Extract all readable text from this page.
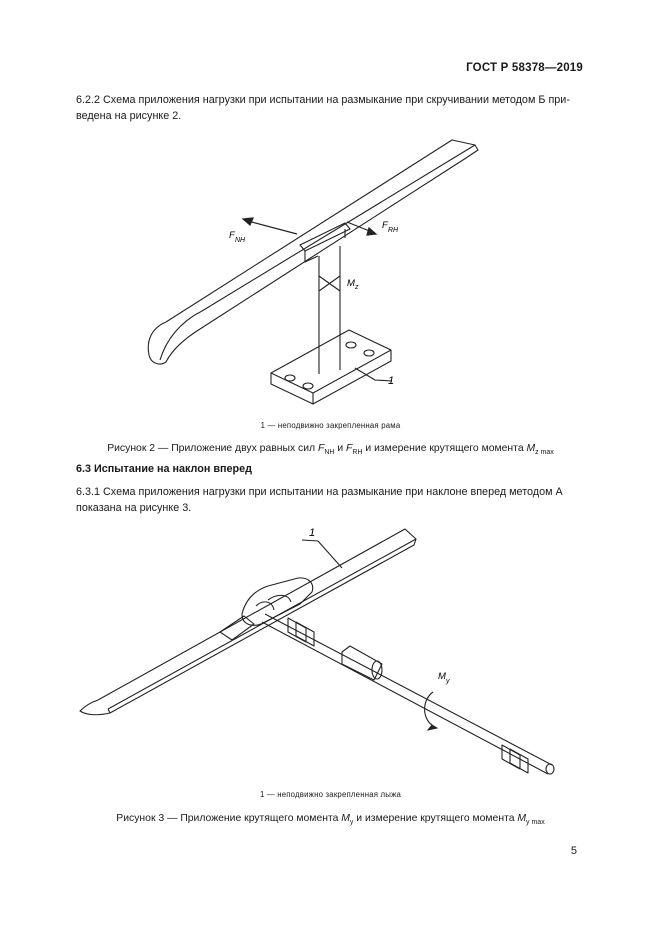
ГОСТ Р 58378—2019
6.2.2 Схема приложения нагрузки при испытании на размыкание при скручивании методом Б при-
ведена на рисунке 2.
F NH
F RH
M z
1
1 — неподвижно закрепленная рама
Рисунок 2 — Приложение двух равных сил $F_{NH}$ и $F_{RH}$ и измерение крутящего момента $M_{z max}$
6.3 Испытание на наклон вперед
6.3.1 Схема приложения нагрузки при испытании на размыкание при наклоне вперед методом А
показана на рисунке 3.
1
M y
1 — неподвижно закрепленная лыжа
Рисунок 3 — Приложение крутящего момента $M_y$ и измерение крутящего момента $M_{y max}$
5
